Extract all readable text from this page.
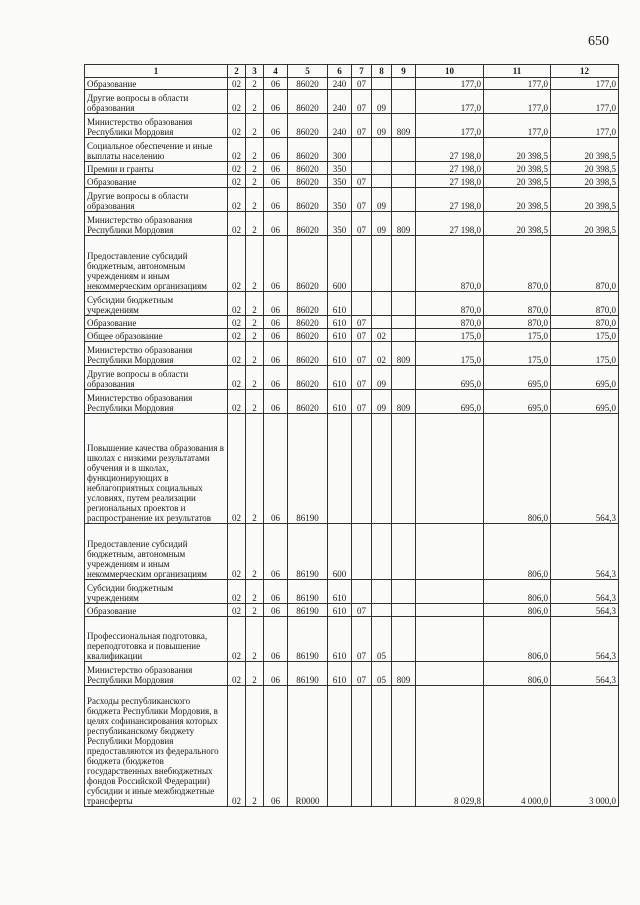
650
1	2	3	4	5	6	7	8	9	10	11	12
Образование	02	2	06	86020	240	07			177,0	177,0	177,0
Другие вопросы в области образования	02	2	06	86020	240	07	09		177,0	177,0	177,0
Министерство образования Республики Мордовия	02	2	06	86020	240	07	09	809	177,0	177,0	177,0
Социальное обеспечение и иные выплаты населению	02	2	06	86020	300				27 198,0	20 398,5	20 398,5
Премии и гранты	02	2	06	86020	350				27 198,0	20 398,5	20 398,5
Образование	02	2	06	86020	350	07			27 198,0	20 398,5	20 398,5
Другие вопросы в области образования	02	2	06	86020	350	07	09		27 198,0	20 398,5	20 398,5
Министерство образования Республики Мордовия	02	2	06	86020	350	07	09	809	27 198,0	20 398,5	20 398,5
Предоставление субсидий бюджетным, автономным учреждениям и иным некоммерческим организациям	02	2	06	86020	600				870,0	870,0	870,0
Субсидии бюджетным учреждениям	02	2	06	86020	610				870,0	870,0	870,0
Образование	02	2	06	86020	610	07			870,0	870,0	870,0
Общее образование	02	2	06	86020	610	07	02		175,0	175,0	175,0
Министерство образования Республики Мордовия	02	2	06	86020	610	07	02	809	175,0	175,0	175,0
Другие вопросы в области образования	02	2	06	86020	610	07	09		695,0	695,0	695,0
Министерство образования Республики Мордовия	02	2	06	86020	610	07	09	809	695,0	695,0	695,0
Повышение качества образования в школах с низкими результатами обучения и в школах, функционирующих в неблагоприятных социальных условиях, путем реализации региональных проектов и распространение их результатов	02	2	06	86190						806,0	564,3
Предоставление субсидий бюджетным, автономным учреждениям и иным некоммерческим организациям	02	2	06	86190	600					806,0	564,3
Субсидии бюджетным учреждениям	02	2	06	86190	610					806,0	564,3
Образование	02	2	06	86190	610	07				806,0	564,3
Профессиональная подготовка, переподготовка и повышение квалификации	02	2	06	86190	610	07	05			806,0	564,3
Министерство образования Республики Мордовия	02	2	06	86190	610	07	05	809		806,0	564,3
Расходы республиканского бюджета Республики Мордовия, в целях софинансирования которых республиканскому бюджету Республики Мордовия предоставляются из федерального бюджета (бюджетов государственных внебюджетных фондов Российской Федерации) субсидии и иные межбюджетные трансферты	02	2	06	R0000					8 029,8	4 000,0	3 000,0
